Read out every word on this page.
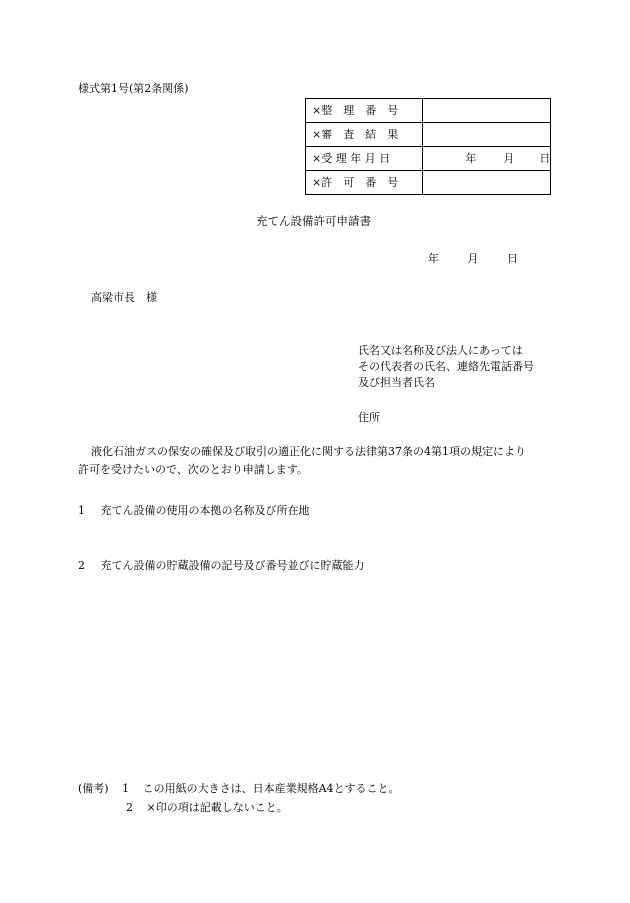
様式第1号(第2条関係)
×整　理　番　号	
×審　査　結　果	
×受 理 年 月 日	年 月 日

×許　可　番　号	
充てん設備許可申請書
年	月	日
高梁市長　様
氏名又は名称及び法人にあっては
その代表者の氏名、連絡先電話番号
及び担当者氏名
住所
液化石油ガスの保安の確保及び取引の適正化に関する法律第37条の4第1項の規定により
許可を受けたいので、次のとおり申請します。
1 充てん設備の使用の本拠の名称及び所在地
2 充てん設備の貯蔵設備の記号及び番号並びに貯蔵能力
(備考) 1 この用紙の大きさは、日本産業規格A4とすること。
2 ×印の項は記載しないこと。
